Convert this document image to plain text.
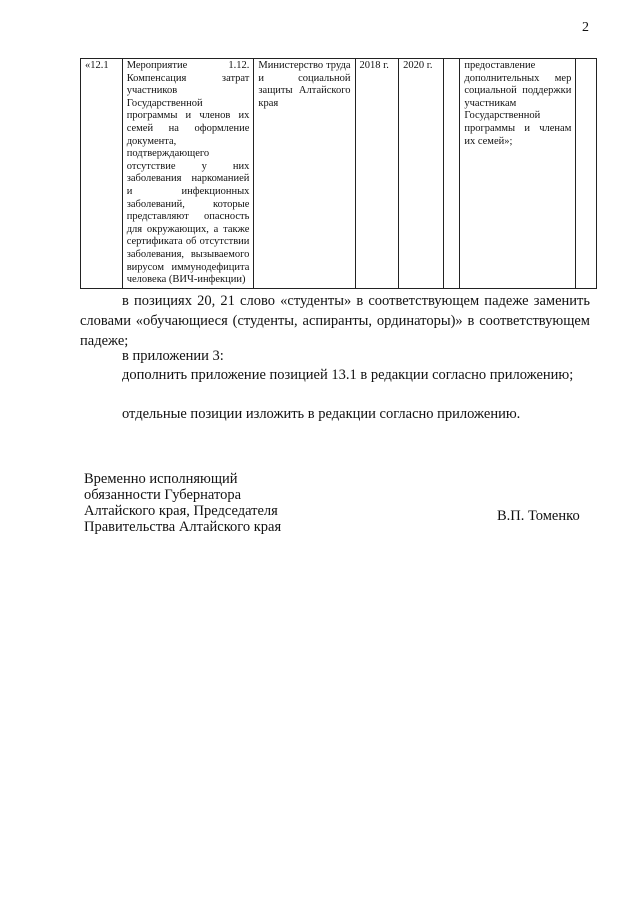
2
«12.1	Мероприятие 1.12. Компенсация затрат участников Государственной программы и членов их семей на оформление документа, подтверждающего отсутствие у них заболевания наркоманией и инфекционных заболеваний, которые представляют опасность для окружающих, а также сертификата об отсутствии заболевания, вызываемого вирусом иммунодефицита человека (ВИЧ-инфекции)	Министерство труда и социальной защиты Алтайского края	2018 г.	2020 г.		предоставление дополнительных мер социальной поддержки участникам Государственной программы и членам их семей»;	

в позициях 20, 21 слово «студенты» в соответствующем падеже заменить словами «обучающиеся (студенты, аспиранты, ординаторы)» в соответствующем падеже;

в приложении 3:

дополнить приложение позицией 13.1 в редакции согласно приложению;

отдельные позиции изложить в редакции согласно приложению.

Временно исполняющий
обязанности Губернатора
Алтайского края, Председателя
Правительства Алтайского края
В.П. Томенко
